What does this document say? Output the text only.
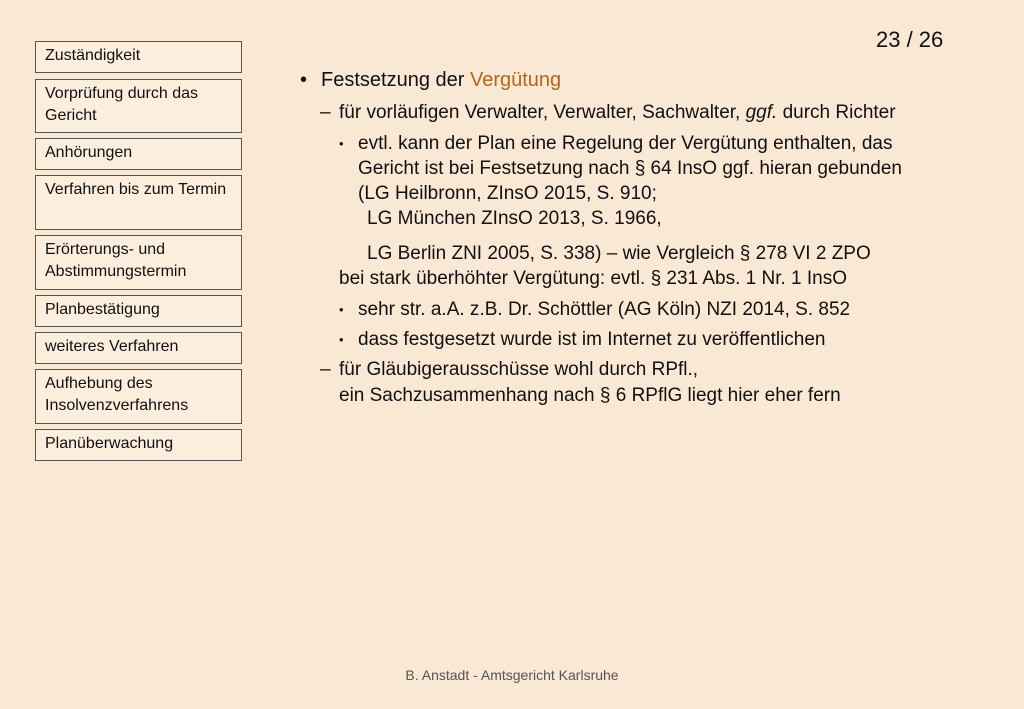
Zuständigkeit
Vorprüfung durch das Gericht
Anhörungen
Verfahren bis zum Termin
Erörterungs- und Abstimmungstermin
Planbestätigung
weiteres Verfahren
Aufhebung des Insolvenzverfahrens
Planüberwachung
23 / 26
• Festsetzung der Vergütung
– für vorläufigen Verwalter, Verwalter, Sachwalter, ggf. durch Richter
• evtl. kann der Plan eine Regelung der Vergütung enthalten, das
Gericht ist bei Festsetzung nach § 64 InsO ggf. hieran gebunden
(LG Heilbronn, ZInsO 2015, S. 910;
LG München ZInsO 2013, S. 1966,
LG Berlin ZNI 2005, S. 338) – wie Vergleich § 278 VI 2 ZPO
bei stark überhöhter Vergütung: evtl. § 231 Abs. 1 Nr. 1 InsO
• sehr str. a.A. z.B. Dr. Schöttler (AG Köln) NZI 2014, S. 852
• dass festgesetzt wurde ist im Internet zu veröffentlichen
– für Gläubigerausschüsse wohl durch RPfl.,
ein Sachzusammenhang nach § 6 RPflG liegt hier eher fern
B. Anstadt - Amtsgericht Karlsruhe
